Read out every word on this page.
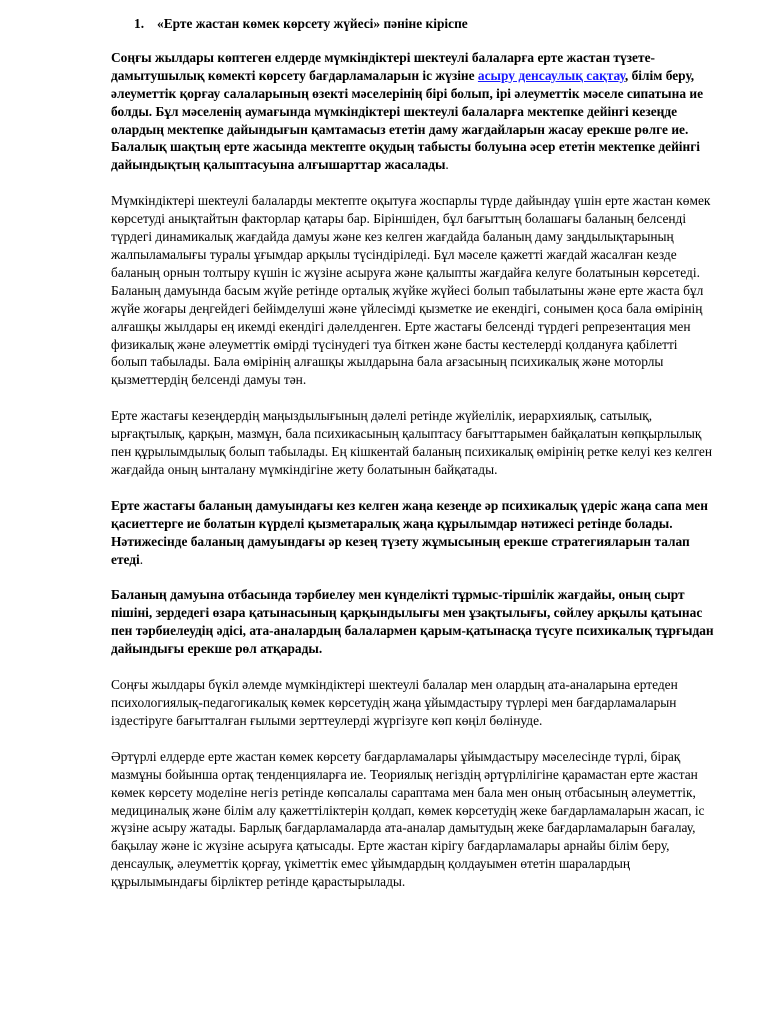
1. «Ерте жастан көмек көрсету жүйесі» пәніне кіріспе

Соңғы жылдары көптеген елдерде мүмкіндіктері шектеулі балаларға ерте жастан түзете-дамытушылық көмекті көрсету бағдарламаларын іс жүзіне асыру денсаулық сақтау, білім беру, әлеуметтік қорғау салаларының өзекті мәселерінің бірі болып, ірі әлеуметтік мәселе сипатына ие болды. Бұл мәселенің аумағында мүмкіндіктері шектеулі балаларға мектепке дейінгі кезеңде олардың мектепке дайындығын қамтамасыз ететін даму жағдайларын жасау ерекше рөлге ие. Балалық шақтың ерте жасында мектепте оқудың табысты болуына әсер ететін мектепке дейінгі дайындықтың қалыптасуына алғышарттар жасалады.

Мүмкіндіктері шектеулі балаларды мектепте оқытуға жоспарлы түрде дайындау үшін ерте жастан көмек көрсетуді анықтайтын факторлар қатары бар. Біріншіден, бұл бағыттың болашағы баланың белсенді түрдегі динамикалық жағдайда дамуы және кез келген жағдайда баланың даму заңдылықтарының жалпыламалығы туралы ұғымдар арқылы түсіндіріледі. Бұл мәселе қажетті жағдай жасалған кезде баланың орнын толтыру күшін іс жүзіне асыруға және қалыпты жағдайға келуге болатынын көрсетеді. Баланың дамуында басым жүйе ретінде орталық жүйке жүйесі болып табылатыны және ерте жаста бұл жүйе жоғары деңгейдегі бейімделуші және үйлесімді қызметке ие екендігі, сонымен қоса бала өмірінің алғашқы жылдары ең икемді екендігі дәлелденген. Ерте жастағы белсенді түрдегі репрезентация мен физикалық және әлеуметтік өмірді түсінудегі туа біткен және басты кестелерді қолдануға қабілетті болып табылады. Бала өмірінің алғашқы жылдарына бала ағзасының психикалық және моторлы қызметтердің белсенді дамуы тән.

Ерте жастағы кезеңдердің маңыздылығының дәлелі ретінде жүйелілік, иерархиялық, сатылық, ырғақтылық, қарқын, мазмұн, бала психикасының қалыптасу бағыттарымен байқалатын көпқырлылық пен құрылымдылық болып табылады. Ең кішкентай баланың психикалық өмірінің ретке келуі кез келген жағдайда оның ынталану мүмкіндігіне жету болатынын байқатады.

Ерте жастағы баланың дамуындағы кез келген жаңа кезеңде әр психикалық үдеріс жаңа сапа мен қасиеттерге ие болатын күрделі қызметаралық жаңа құрылымдар нәтижесі ретінде болады. Нәтижесінде баланың дамуындағы әр кезең түзету жұмысының ерекше стратегияларын талап етеді.

Баланың дамуына отбасында тәрбиелеу мен күнделікті тұрмыс-тіршілік жағдайы, оның сырт пішіні, зердедегі өзара қатынасының қарқындылығы мен ұзақтылығы, сөйлеу арқылы қатынас пен тәрбиелеудің әдісі, ата-аналардың балалармен қарым-қатынасқа түсуге психикалық тұрғыдан дайындығы ерекше рөл атқарады.

Соңғы жылдары бүкіл әлемде мүмкіндіктері шектеулі балалар мен олардың ата-аналарына ертеден психологиялық-педагогикалық көмек көрсетудің жаңа ұйымдастыру түрлері мен бағдарламаларын іздестіруге бағытталған ғылыми зерттеулерді жүргізуге көп көңіл бөлінуде.

Әртүрлі елдерде ерте жастан көмек көрсету бағдарламалары ұйымдастыру мәселесінде түрлі, бірақ мазмұны бойынша ортақ тенденцияларға ие. Теориялық негіздің әртүрлілігіне қарамастан ерте жастан көмек көрсету моделіне негіз ретінде көпсалалы сараптама мен бала мен оның отбасының әлеуметтік, медициналық және білім алу қажеттіліктерін қолдап, көмек көрсетудің жеке бағдарламаларын жасап, іс жүзіне асыру жатады. Барлық бағдарламаларда ата-аналар дамытудың жеке бағдарламаларын бағалау, бақылау және іс жүзіне асыруға қатысады. Ерте жастан кірігу бағдарламалары арнайы білім беру, денсаулық, әлеуметтік қорғау, үкіметтік емес ұйымдардың қолдауымен өтетін шаралардың құрылымындағы бірліктер ретінде қарастырылады.
